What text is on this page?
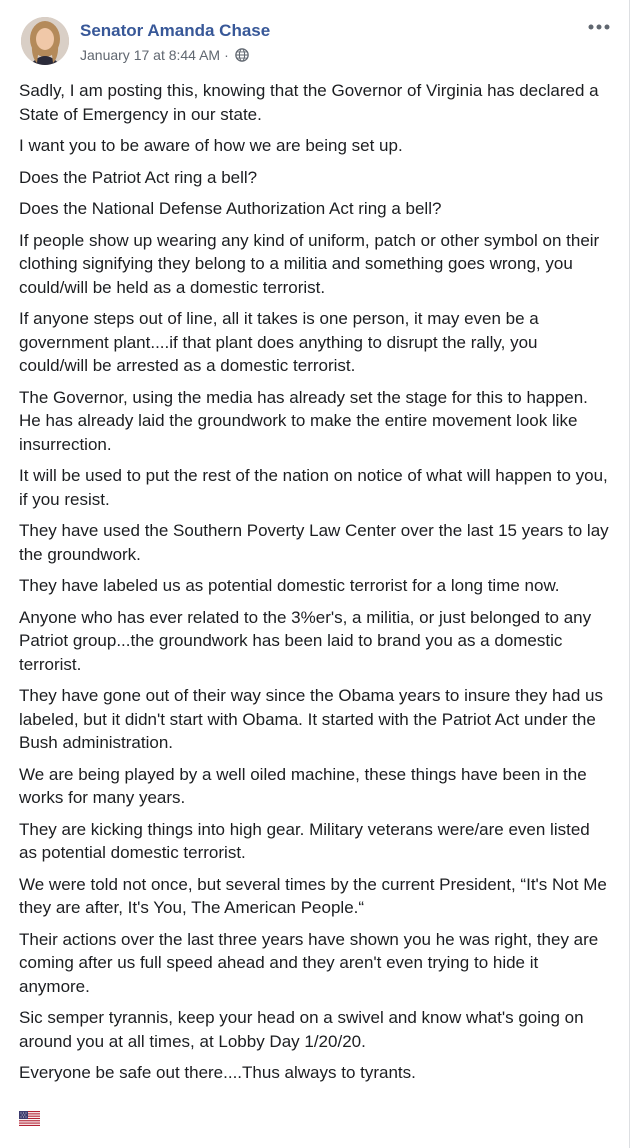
Senator Amanda Chase
January 17 at 8:44 AM ·

Sadly, I am posting this, knowing that the Governor of Virginia has declared a State of Emergency in our state.

I want you to be aware of how we are being set up.

Does the Patriot Act ring a bell?

Does the National Defense Authorization Act ring a bell?

If people show up wearing any kind of uniform, patch or other symbol on their clothing signifying they belong to a militia and something goes wrong, you could/will be held as a domestic terrorist.

If anyone steps out of line, all it takes is one person, it may even be a government plant....if that plant does anything to disrupt the rally, you could/will be arrested as a domestic terrorist.

The Governor, using the media has already set the stage for this to happen. He has already laid the groundwork to make the entire movement look like insurrection.

It will be used to put the rest of the nation on notice of what will happen to you, if you resist.

They have used the Southern Poverty Law Center over the last 15 years to lay the groundwork.

They have labeled us as potential domestic terrorist for a long time now.

Anyone who has ever related to the 3%er's, a militia, or just belonged to any Patriot group...the groundwork has been laid to brand you as a domestic terrorist.

They have gone out of their way since the Obama years to insure they had us labeled, but it didn't start with Obama. It started with the Patriot Act under the Bush administration.

We are being played by a well oiled machine, these things have been in the works for many years.

They are kicking things into high gear. Military veterans were/are even listed as potential domestic terrorist.

We were told not once, but several times by the current President, “It's Not Me they are after, It's You, The American People.“

Their actions over the last three years have shown you he was right, they are coming after us full speed ahead and they aren't even trying to hide it anymore.

Sic semper tyrannis, keep your head on a swivel and know what's going on around you at all times, at Lobby Day 1/20/20.

Everyone be safe out there....Thus always to tyrants.
